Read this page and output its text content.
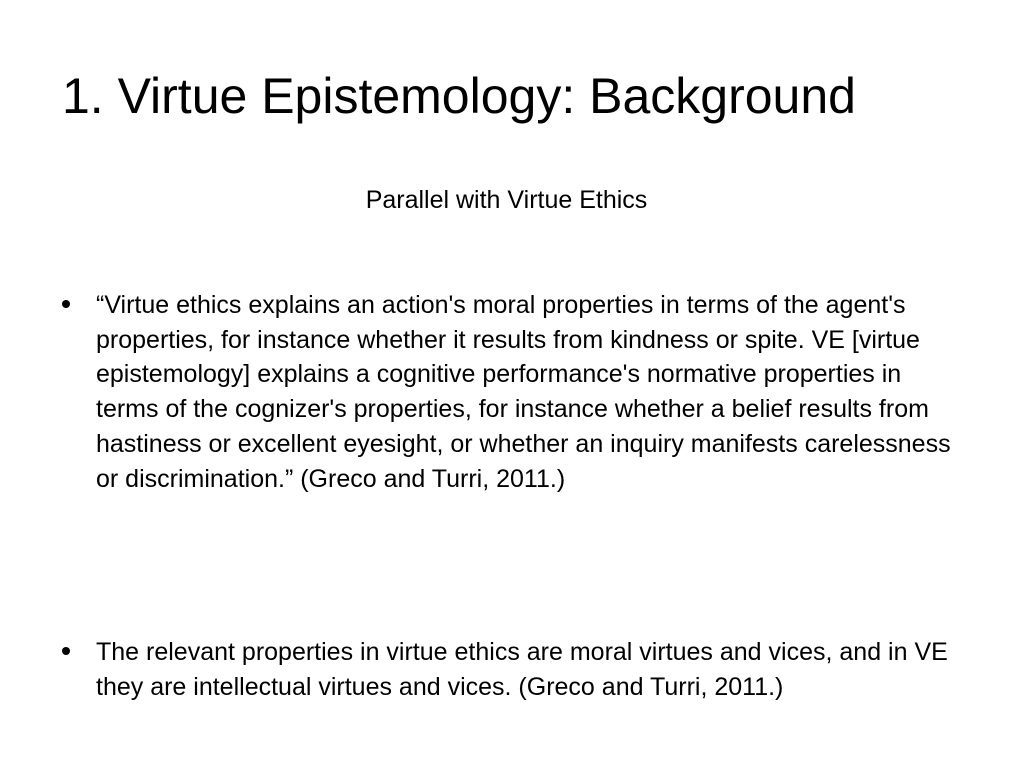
1. Virtue Epistemology: Background

Parallel with Virtue Ethics

“Virtue ethics explains an action's moral properties in terms of the agent's properties, for instance whether it results from kindness or spite. VE [virtue epistemology] explains a cognitive performance's normative properties in terms of the cognizer's properties, for instance whether a belief results from hastiness or excellent eyesight, or whether an inquiry manifests carelessness or discrimination.” (Greco and Turri, 2011.)

The relevant properties in virtue ethics are moral virtues and vices, and in VE they are intellectual virtues and vices. (Greco and Turri, 2011.)
